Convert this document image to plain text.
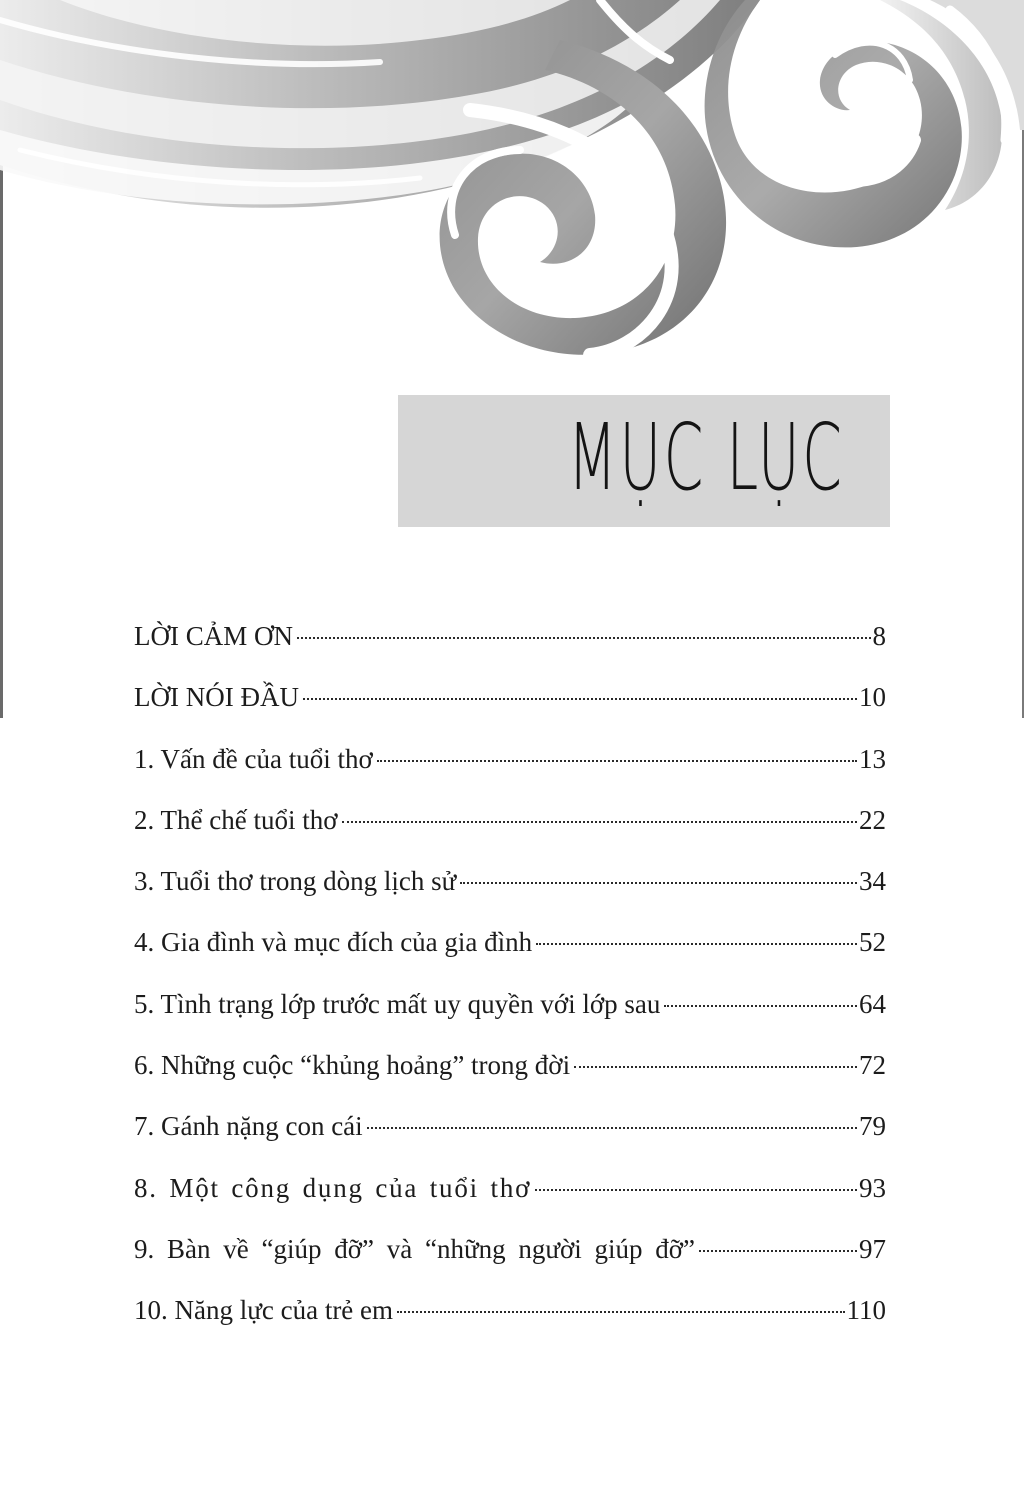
MỤC LỤC
LỜI CẢM ƠN	8
LỜI NÓI ĐẦU	10
1. Vấn đề của tuổi thơ	13
2. Thể chế tuổi thơ	22
3. Tuổi thơ trong dòng lịch sử	34
4. Gia đình và mục đích của gia đình	52
5. Tình trạng lớp trước mất uy quyền với lớp sau	64
6. Những cuộc “khủng hoảng” trong đời	72
7. Gánh nặng con cái	79
8. Một công dụng của tuổi thơ	93
9. Bàn về “giúp đỡ” và “những người giúp đỡ”	97
10. Năng lực của trẻ em	110
